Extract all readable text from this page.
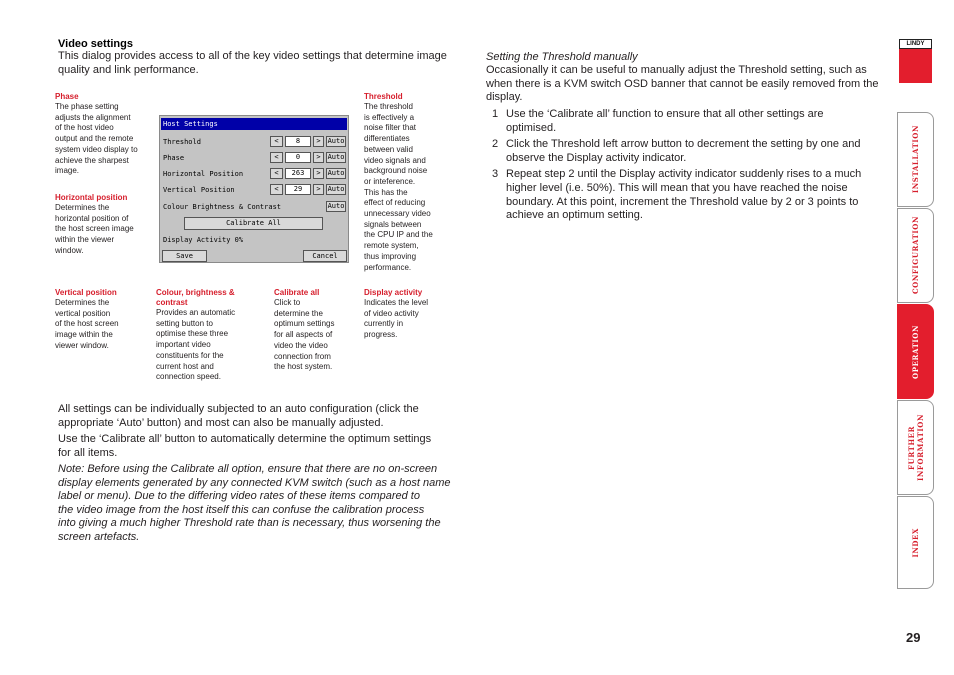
Video settings
This dialog provides access to all of the key video settings that determine image
quality and link performance.
Phase
The phase setting
adjusts the alignment
of the host video
output and the remote
system video display to
achieve the sharpest
image.
Horizontal position
Determines the
horizontal position of
the host screen image
within the viewer
window.
Threshold
The threshold
is effectively a
noise filter that
differentiates
between valid
video signals and
background noise
or inteference.
This has the
effect of reducing
unnecessary video
signals between
the CPU IP and the
remote system,
thus improving
performance.
Host Settings
Threshold	<	8	> Auto
Phase	<	0	> Auto
Horizontal Position	<	263	> Auto
Vertical Position	<	29	> Auto
Colour Brightness & Contrast	Auto
Calibrate All
Display Activity 0%
Save	Cancel
Vertical position
Determines the
vertical position
of the host screen
image within the
viewer window.
Colour, brightness &
contrast
Provides an automatic
setting button to
optimise these three
important video
constituents for the
current host and
connection speed.
Calibrate all
Click to
determine the
optimum settings
for all aspects of
video the video
connection from
the host system.
Display activity
Indicates the level
of video activity
currently in
progress.
All settings can be individually subjected to an auto configuration (click the
appropriate ‘Auto’ button) and most can also be manually adjusted.
Use the ‘Calibrate all’ button to automatically determine the optimum settings
for all items.
Note: Before using the Calibrate all option, ensure that there are no on-screen
display elements generated by any connected KVM switch (such as a host name
label or menu). Due to the differing video rates of these items compared to
the video image from the host itself this can confuse the calibration process
into giving a much higher Threshold rate than is necessary, thus worsening the
screen artefacts.
Setting the Threshold manually
Occasionally it can be useful to manually adjust the Threshold setting, such as
when there is a KVM switch OSD banner that cannot be easily removed from the
display.
1 Use the ‘Calibrate all’ function to ensure that all other settings are
optimised.
2 Click the Threshold left arrow button to decrement the setting by one and
observe the Display activity indicator.
3 Repeat step 2 until the Display activity indicator suddenly rises to a much
higher level (i.e. 50%). This will mean that you have reached the noise
boundary. At this point, increment the Threshold value by 2 or 3 points to
achieve an optimum setting.
LINDY
INSTALLATION
CONFIGURATION
OPERATION
FURTHER INFORMATION
INDEX
29
